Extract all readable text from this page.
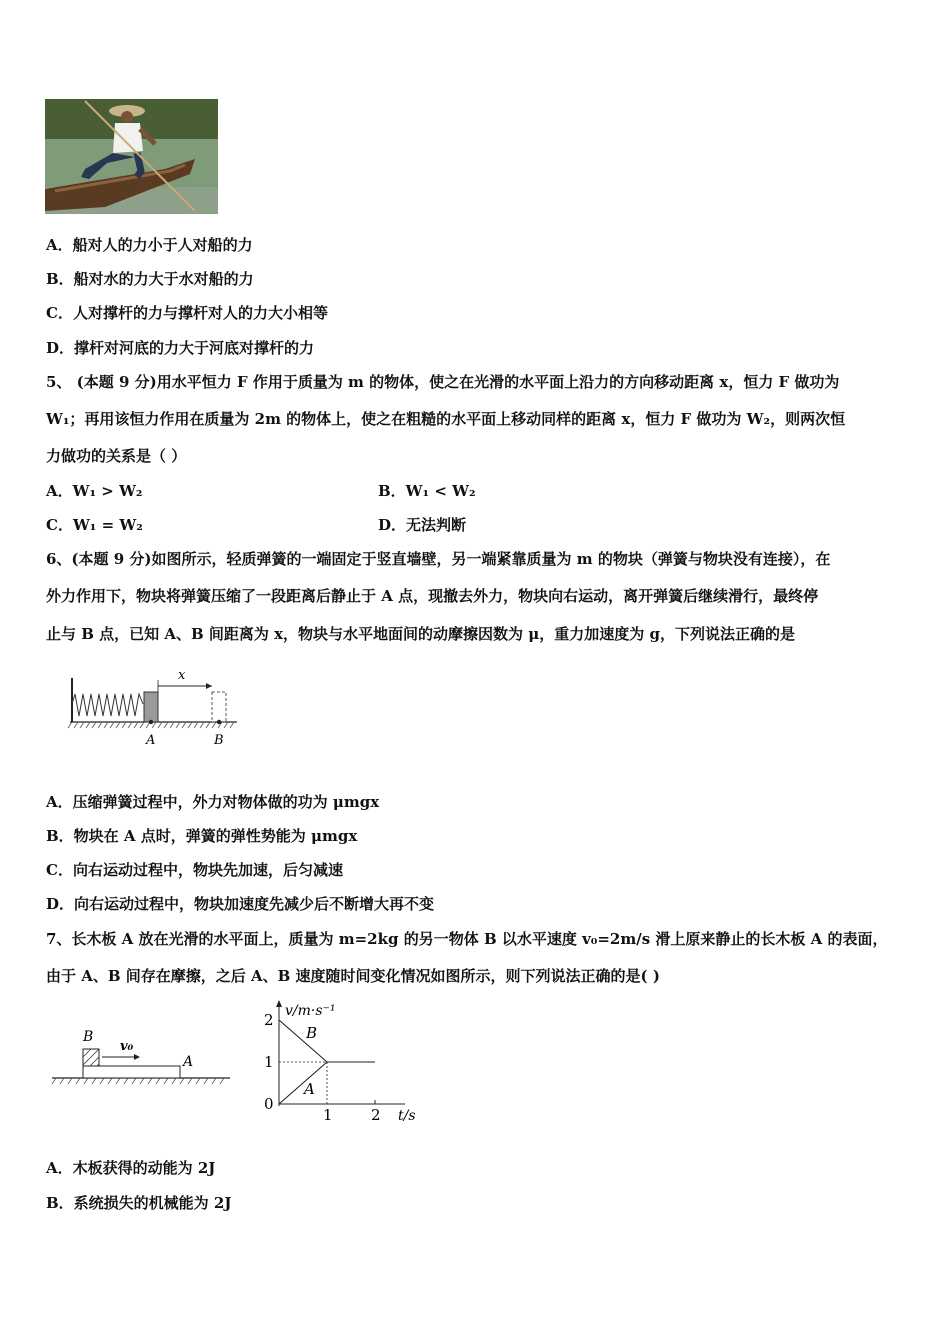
A．船对人的力小于人对船的力
B．船对水的力大于水对船的力
C．人对撑杆的力与撑杆对人的力大小相等
D．撑杆对河底的力大于河底对撑杆的力
5、 (本题 9 分)用水平恒力 F 作用于质量为 m 的物体，使之在光滑的水平面上沿力的方向移动距离 x，恒力 F 做功为
W₁；再用该恒力作用在质量为 2m 的物体上，使之在粗糙的水平面上移动同样的距离 x，恒力 F 做功为 W₂，则两次恒
力做功的关系是（ ）
A．W₁ > W₂	B．W₁ < W₂
C．W₁ = W₂	D．无法判断
6、(本题 9 分)如图所示，轻质弹簧的一端固定于竖直墙壁，另一端紧靠质量为 m 的物块（弹簧与物块没有连接），在
外力作用下，物块将弹簧压缩了一段距离后静止于 A 点，现撤去外力，物块向右运动，离开弹簧后继续滑行，最终停
止与 B 点，已知 A、B 间距离为 x，物块与水平地面间的动摩擦因数为 μ，重力加速度为 g，下列说法正确的是
x
A	B
A．压缩弹簧过程中，外力对物体做的功为 μmgx
B．物块在 A 点时，弹簧的弹性势能为 μmgx
C．向右运动过程中，物块先加速，后匀减速
D．向右运动过程中，物块加速度先减少后不断增大再不变
7、长木板 A 放在光滑的水平面上，质量为 m=2kg 的另一物体 B 以水平速度 v₀=2m/s 滑上原来静止的长木板 A 的表面，
由于 A、B 间存在摩擦，之后 A、B 速度随时间变化情况如图所示，则下列说法正确的是( )
B
v₀
A
v/m·s⁻¹
t/s
2
1
0
1	2
B
A
A．木板获得的动能为 2J
B．系统损失的机械能为 2J
